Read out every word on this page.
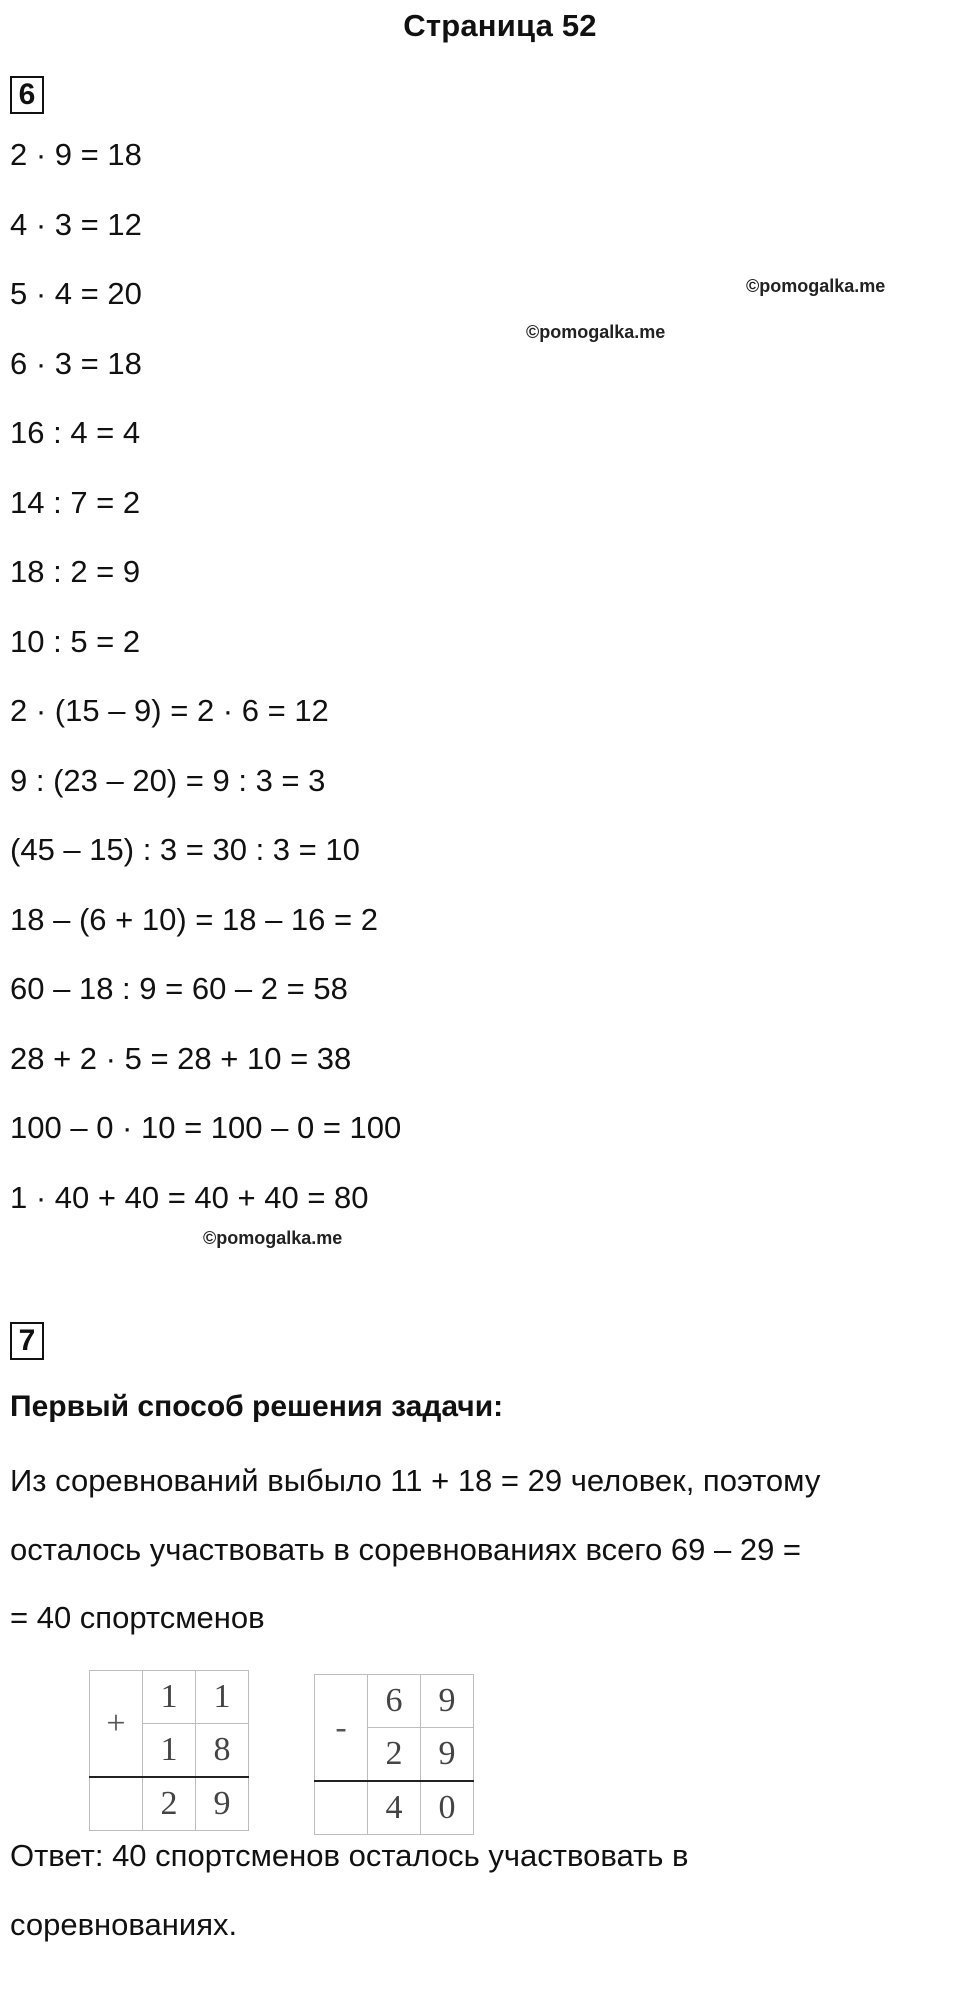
Страница 52
6
2 · 9 = 18
4 · 3 = 12
5 · 4 = 20
6 · 3 = 18
16 : 4 = 4
14 : 7 = 2
18 : 2 = 9
10 : 5 = 2
2 · (15 – 9) = 2 · 6 = 12
9 : (23 – 20) = 9 : 3 = 3
(45 – 15) : 3 = 30 : 3 = 10
18 – (6 + 10) = 18 – 16 = 2
60 – 18 : 9 = 60 – 2 = 58
28 + 2 · 5 = 28 + 10 = 38
100 – 0 · 10 = 100 – 0 = 100
1 · 40 + 40 = 40 + 40 = 80
©pomogalka.me
©pomogalka.me
©pomogalka.me
7
Первый способ решения задачи:
Из соревнований выбыло 11 + 18 = 29 человек, поэтому
осталось участвовать в соревнованиях всего 69 – 29 =
= 40 спортсменов
+	1	1
	1	8
	2	9
-	6	9
	2	9
	4	0
Ответ: 40 спортсменов осталось участвовать в
соревнованиях.
